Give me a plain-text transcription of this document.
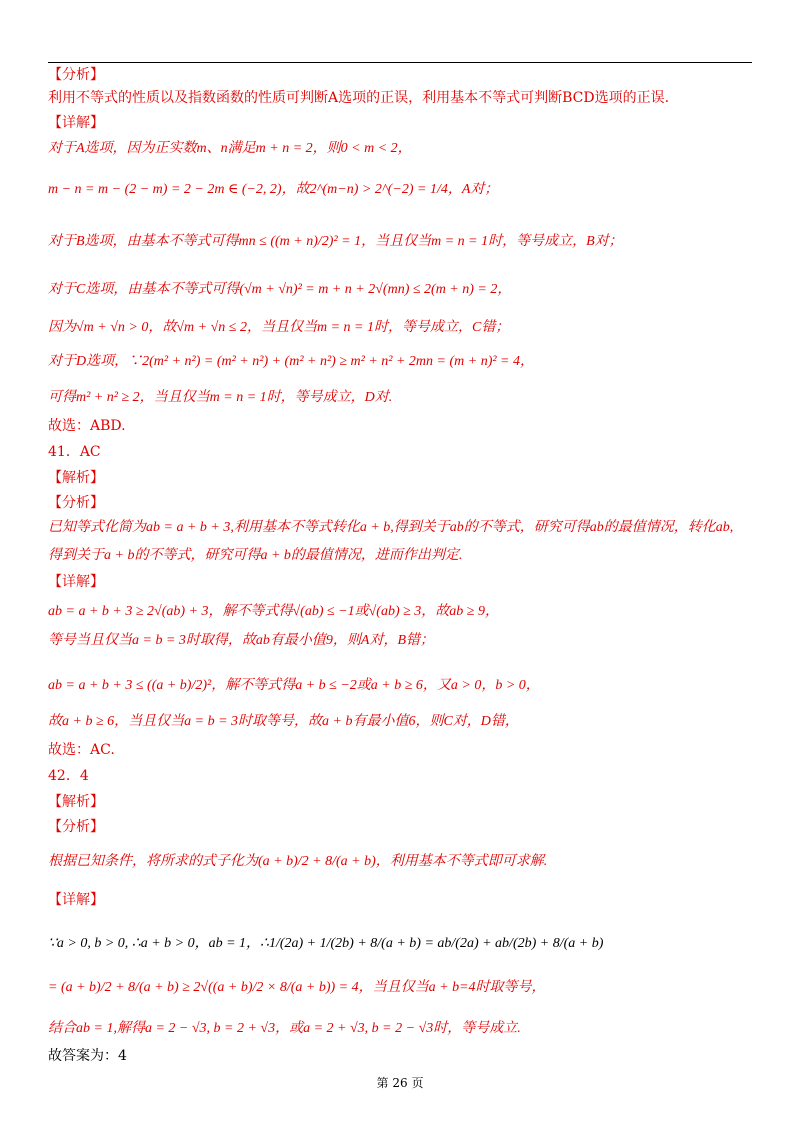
【分析】
利用不等式的性质以及指数函数的性质可判断A选项的正误，利用基本不等式可判断BCD选项的正误.
【详解】
对于A选项，因为正实数m、n满足m + n = 2，则0 < m < 2，
m − n = m − (2 − m) = 2 − 2m ∈ (−2, 2)，故2^(m−n) > 2^(−2) = 1/4，A对；
对于B选项，由基本不等式可得mn ≤ ((m + n)/2)² = 1，当且仅当m = n = 1时，等号成立，B对；
对于C选项，由基本不等式可得(√m + √n)² = m + n + 2√(mn) ≤ 2(m + n) = 2，
因为√m + √n > 0，故√m + √n ≤ 2，当且仅当m = n = 1时，等号成立，C错；
对于D选项，∵2(m² + n²) = (m² + n²) + (m² + n²) ≥ m² + n² + 2mn = (m + n)² = 4，
可得m² + n² ≥ 2，当且仅当m = n = 1时，等号成立，D对.
故选：ABD.
41．AC
【解析】
【分析】
已知等式化简为ab = a + b + 3,利用基本不等式转化a + b,得到关于ab的不等式，研究可得ab的最值情况，转化ab,
得到关于a + b的不等式，研究可得a + b的最值情况，进而作出判定.
【详解】
ab = a + b + 3 ≥ 2√(ab) + 3，解不等式得√(ab) ≤ −1或√(ab) ≥ 3，故ab ≥ 9，
等号当且仅当a = b = 3时取得，故ab有最小值9，则A对，B错；
ab = a + b + 3 ≤ ((a + b)/2)²，解不等式得a + b ≤ −2或a + b ≥ 6，又a > 0，b > 0，
故a + b ≥ 6，当且仅当a = b = 3时取等号，故a + b有最小值6，则C对，D错，
故选：AC.
42．4
【解析】
【分析】
根据已知条件，将所求的式子化为(a + b)/2 + 8/(a + b)，利用基本不等式即可求解.
【详解】
∵a > 0, b > 0, ∴a + b > 0，ab = 1，∴1/(2a) + 1/(2b) + 8/(a + b) = ab/(2a) + ab/(2b) + 8/(a + b)
= (a + b)/2 + 8/(a + b) ≥ 2√((a + b)/2 × 8/(a + b)) = 4，当且仅当a + b=4时取等号，
结合ab = 1,解得a = 2 − √3, b = 2 + √3，或a = 2 + √3, b = 2 − √3时，等号成立.
故答案为：4
第 26 页
